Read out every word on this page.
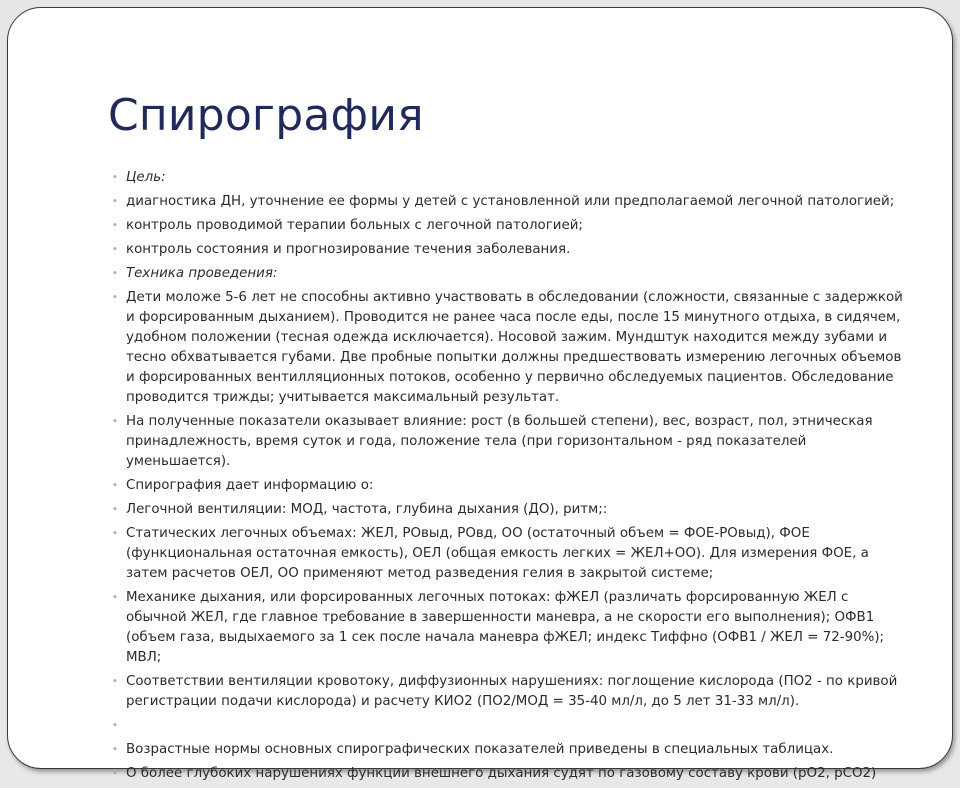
Спирография
• Цель:
• диагностика ДН, уточнение ее формы у детей с установленной или предполагаемой легочной патологией;
• контроль проводимой терапии больных с легочной патологией;
• контроль состояния и прогнозирование течения заболевания.
• Техника проведения:
• Дети моложе 5-6 лет не способны активно участвовать в обследовании (сложности, связанные с задержкой и форсированным дыханием). Проводится не ранее часа после еды, после 15 минутного отдыха, в сидячем, удобном положении (тесная одежда исключается). Носовой зажим. Мундштук находится между зубами и тесно обхватывается губами. Две пробные попытки должны предшествовать измерению легочных объемов и форсированных вентилляционных потоков, особенно у первично обследуемых пациентов. Обследование проводится трижды; учитывается максимальный результат.
• На полученные показатели оказывает влияние: рост (в большей степени), вес, возраст, пол, этническая принадлежность, время суток и года, положение тела (при горизонтальном - ряд показателей уменьшается).
• Спирография дает информацию о:
• Легочной вентиляции: МОД, частота, глубина дыхания (ДО), ритм;:
• Статических легочных объемах: ЖЕЛ, РОвыд, РОвд, ОО (остаточный объем = ФОЕ-РОвыд), ФОЕ (функциональная остаточная емкость), ОЕЛ (общая емкость легких = ЖЕЛ+ОО). Для измерения ФОЕ, а затем расчетов ОЕЛ, ОО применяют метод разведения гелия в закрытой системе;
• Механике дыхания, или форсированных легочных потоках: фЖЕЛ (различать форсированную ЖЕЛ с обычной ЖЕЛ, где главное требование в завершенности маневра, а не скорости его выполнения); ОФВ1 (объем газа, выдыхаемого за 1 сек после начала маневра фЖЕЛ; индекс Тиффно (ОФВ1 / ЖЕЛ = 72-90%); МВЛ;
• Соответствии вентиляции кровотоку, диффузионных нарушениях: поглощение кислорода (ПО2 - по кривой регистрации подачи кислорода) и расчету КИО2 (ПО2/МОД = 35-40 мл/л, до 5 лет 31-33 мл/л).
•
• Возрастные нормы основных спирографических показателей приведены в специальных таблицах.
• О более глубоких нарушениях функции внешнего дыхания судят по газовому составу крови (рО2, рСО2)
